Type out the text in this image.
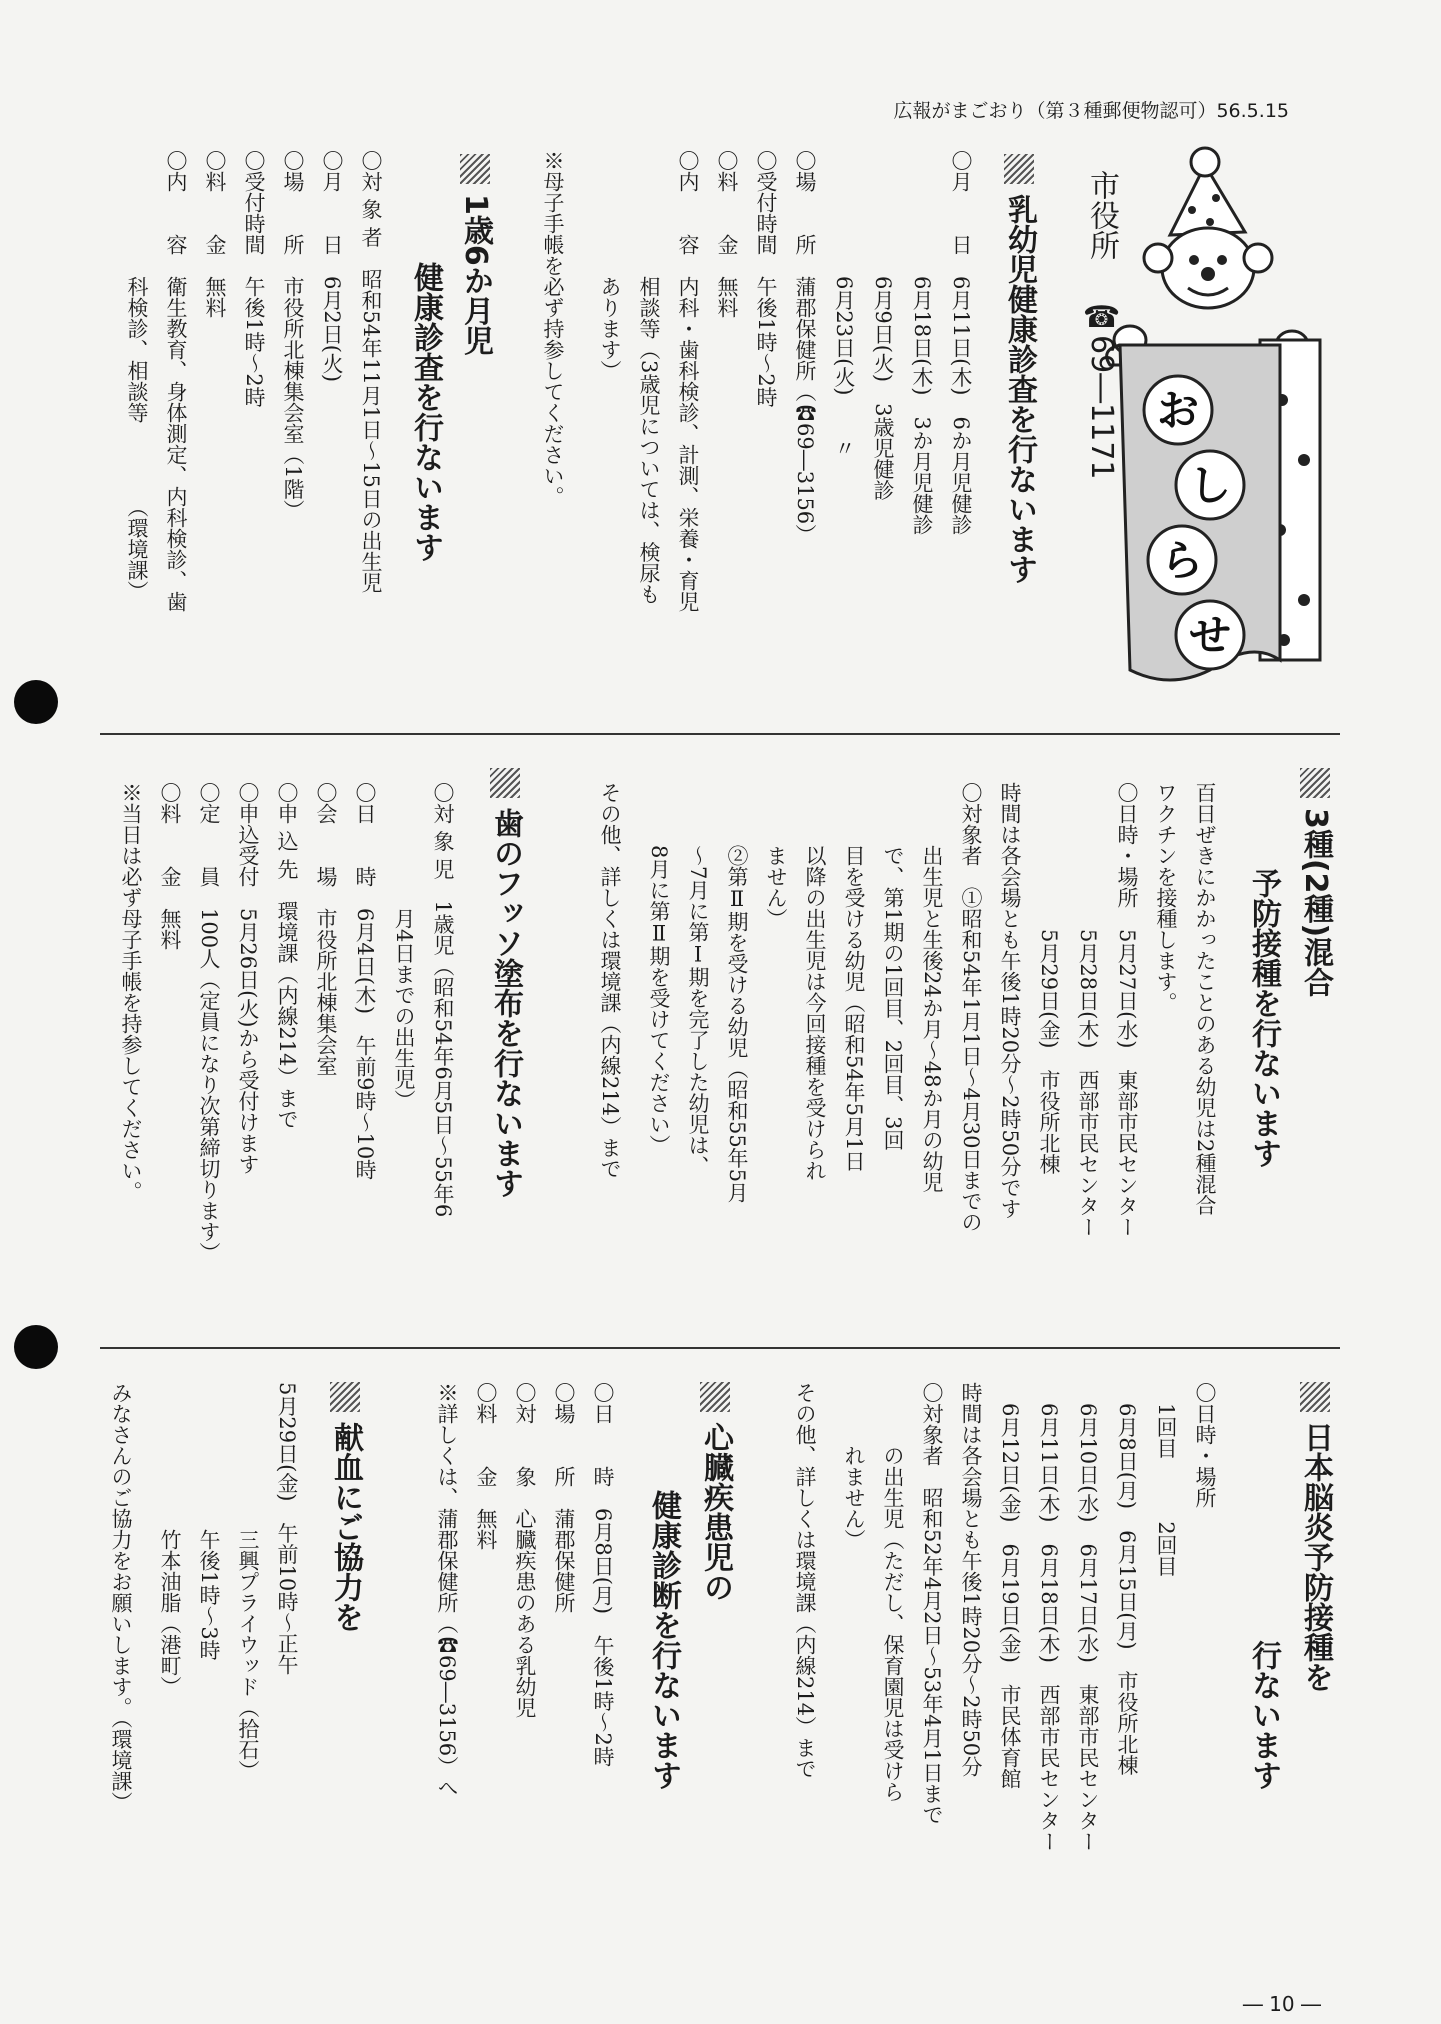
広報がまごおり（第３種郵便物認可）56.5.15
― 10 ―
お
し
ら
せ
市役所
☎69―1171
乳幼児健康診査を行ないます
〇月　　日　6月11日(木)　6か月児健診
　　　　　　6月18日(木)　3か月児健診
　　　　　　6月9日(火)　3歳児健診
　　　　　　6月23日(火)　　〃
〇場　　所　蒲郡保健所（☎69―3156）
〇受付時間　午後1時～2時
〇料　　金　無料
〇内　　容　内科・歯科検診、計測、栄養・育児
　　　　　　相談等（3歳児については、検尿も
　　　　　　あります）
※母子手帳を必ず持参してください。
1歳6か月児
健康診査を行ないます
〇対 象 者　昭和54年11月1日～15日の出生児
〇月　　日　6月2日(火)
〇場　　所　市役所北棟集会室（1階）
〇受付時間　午後1時～2時
〇料　　金　無料
〇内　　容　衛生教育、身体測定、内科検診、歯
　　　　　　科検診、相談等　　　　（環境課）
3種(2種)混合
予防接種を行ないます
百日ぜきにかかったことのある幼児は2種混合
ワクチンを接種します。
〇日時・場所　5月27日(水)　東部市民センター
　　　　　　　5月28日(木)　西部市民センター
　　　　　　　5月29日(金)　市役所北棟
時間は各会場とも午後1時20分～2時50分です
〇対象者　①昭和54年1月1日～4月30日までの
　　　出生児と生後24か月～48か月の幼児
　　　で、第1期の1回目、2回目、3回
　　　目を受ける幼児（昭和54年5月1日
　　　以降の出生児は今回接種を受けられ
　　　ません）
　　　②第Ⅱ期を受ける幼児（昭和55年5月
　　　～7月に第Ⅰ期を完了した幼児は、
　　　8月に第Ⅱ期を受けてください）
その他、詳しくは環境課（内線214）まで
歯のフッソ塗布を行ないます
〇対 象 児　1歳児（昭和54年6月5日～55年6
　　　　　　月4日までの出生児）
〇日　　時　6月4日(木)　午前9時～10時
〇会　　場　市役所北棟集会室
〇申 込 先　環境課（内線214）まで
〇申込受付　5月26日(火)から受付けます
〇定　　員　100人（定員になり次第締切ります）
〇料　　金　無料
※当日は必ず母子手帳を持参してください。
日本脳炎予防接種を
行ないます
〇日時・場所
　1回目　　　2回目
　6月8日(月)　6月15日(月)　市役所北棟
　6月10日(水)　6月17日(水)　東部市民センター
　6月11日(木)　6月18日(木)　西部市民センター
　6月12日(金)　6月19日(金)　市民体育館
時間は各会場とも午後1時20分～2時50分
〇対象者　昭和52年4月2日～53年4月1日まで
　　　の出生児（ただし、保育園児は受けら
　　　れません）
その他、詳しくは環境課（内線214）まで
心臓疾患児の
健康診断を行ないます
〇日　　時　6月8日(月)　午後1時～2時
〇場　　所　蒲郡保健所
〇対　　象　心臓疾患のある乳幼児
〇料　　金　無料
※詳しくは、蒲郡保健所（☎69―3156）へ
献血にご協力を
5月29日(金)　午前10時～正午
　　　　　　　三興プライウッド（拾石）
　　　　　　　午後1時～3時
　　　　　　　竹本油脂（港町）
みなさんのご協力をお願いします。（環境課）
